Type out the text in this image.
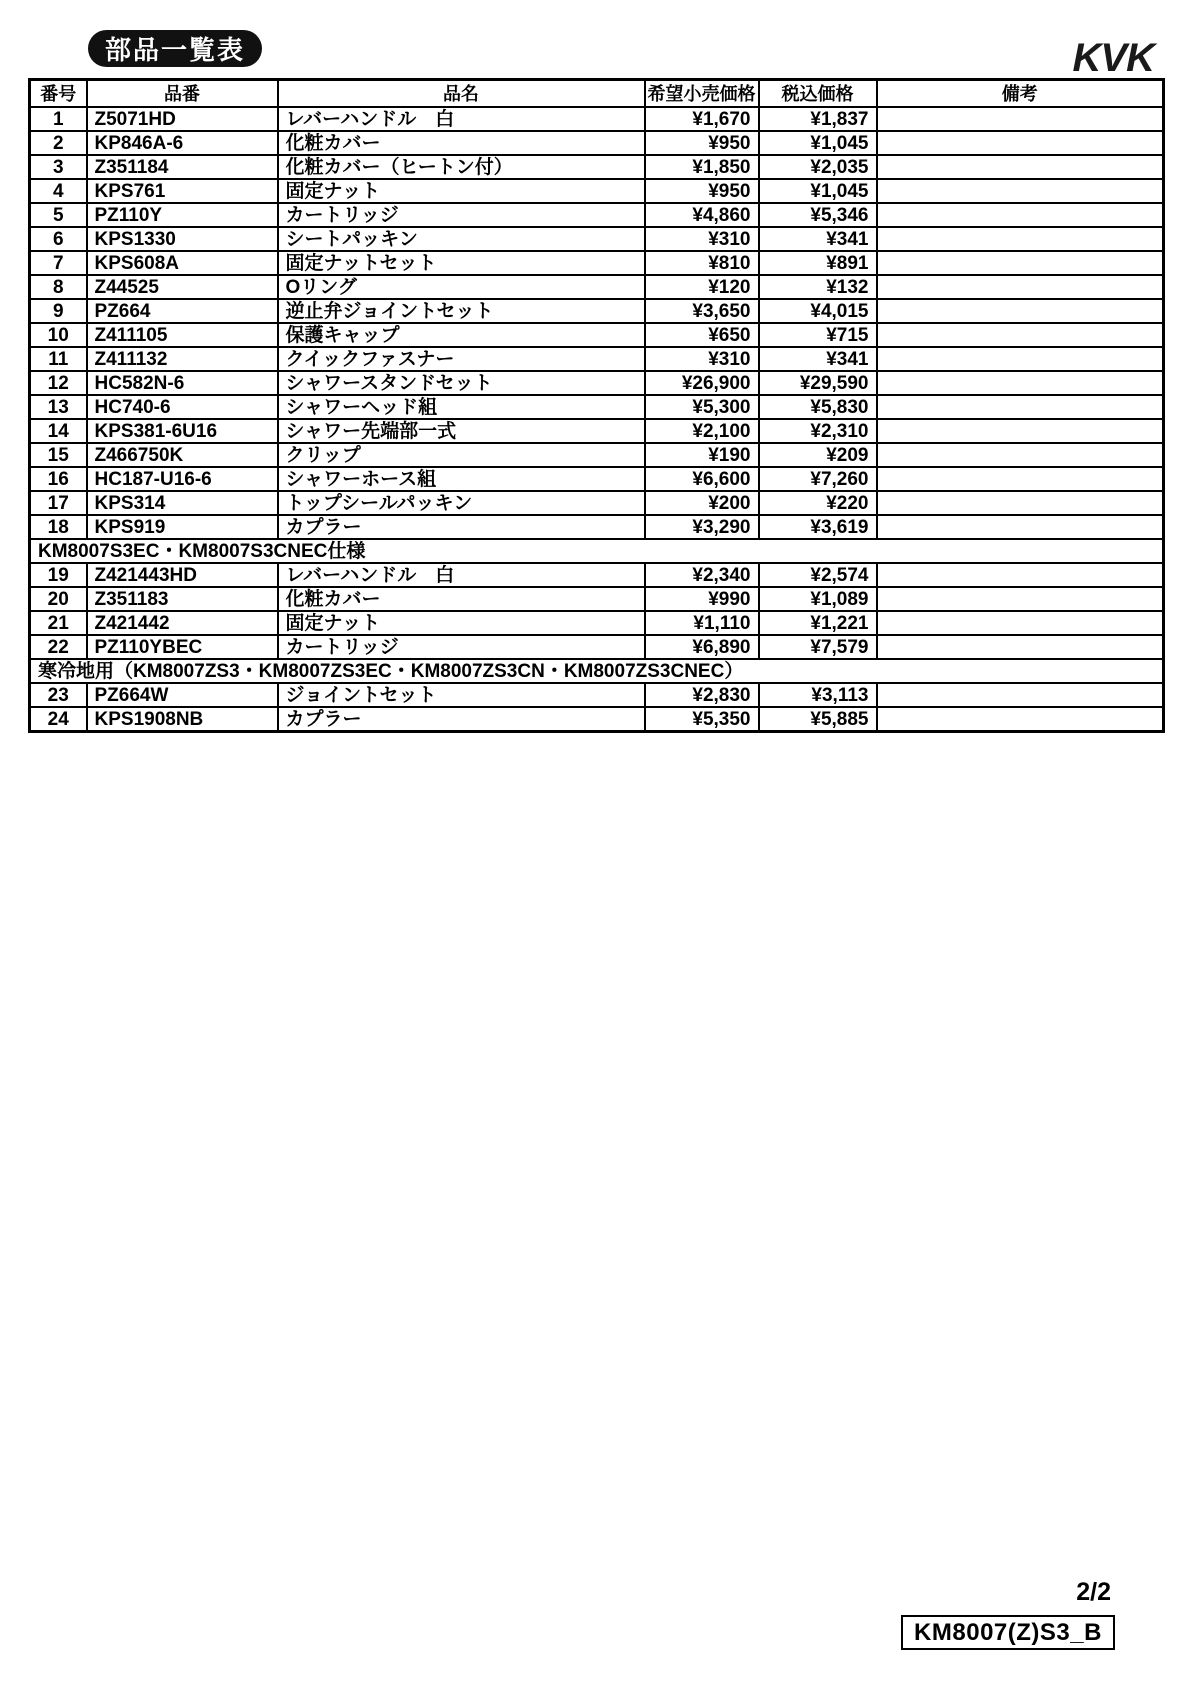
部品一覧表	KVK
番号	品番	品名	希望小売価格	税込価格	備考
1	Z5071HD	レバーハンドル　白	¥1,670	¥1,837	
2	KP846A-6	化粧カバー	¥950	¥1,045	
3	Z351184	化粧カバー（ヒートン付）	¥1,850	¥2,035	
4	KPS761	固定ナット	¥950	¥1,045	
5	PZ110Y	カートリッジ	¥4,860	¥5,346	
6	KPS1330	シートパッキン	¥310	¥341	
7	KPS608A	固定ナットセット	¥810	¥891	
8	Z44525	Oリング	¥120	¥132	
9	PZ664	逆止弁ジョイントセット	¥3,650	¥4,015	
10	Z411105	保護キャップ	¥650	¥715	
11	Z411132	クイックファスナー	¥310	¥341	
12	HC582N-6	シャワースタンドセット	¥26,900	¥29,590	
13	HC740-6	シャワーヘッド組	¥5,300	¥5,830	
14	KPS381-6U16	シャワー先端部一式	¥2,100	¥2,310	
15	Z466750K	クリップ	¥190	¥209	
16	HC187-U16-6	シャワーホース組	¥6,600	¥7,260	
17	KPS314	トップシールパッキン	¥200	¥220	
18	KPS919	カプラー	¥3,290	¥3,619	
KM8007S3EC・KM8007S3CNEC仕様					
19	Z421443HD	レバーハンドル　白	¥2,340	¥2,574	
20	Z351183	化粧カバー	¥990	¥1,089	
21	Z421442	固定ナット	¥1,110	¥1,221	
22	PZ110YBEC	カートリッジ	¥6,890	¥7,579	
寒冷地用（KM8007ZS3・KM8007ZS3EC・KM8007ZS3CN・KM8007ZS3CNEC）					
23	PZ664W	ジョイントセット	¥2,830	¥3,113	
24	KPS1908NB	カプラー	¥5,350	¥5,885	
2/2
KM8007(Z)S3_B
